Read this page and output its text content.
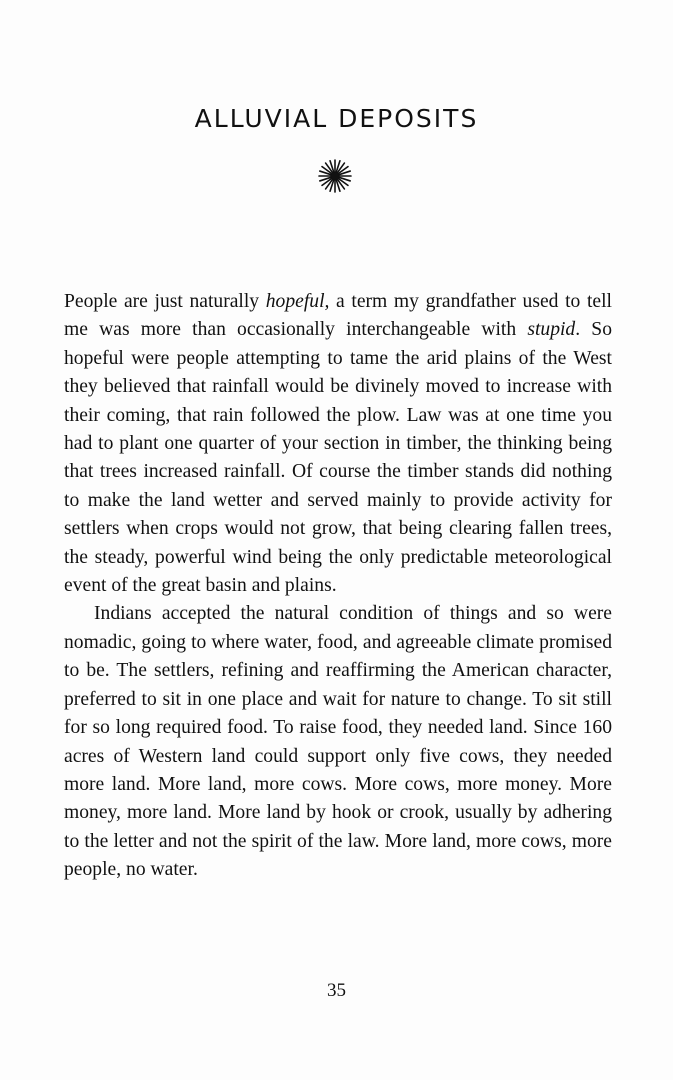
ALLUVIAL DEPOSITS

People are just naturally hopeful, a term my grandfather used to tell me was more than occasionally interchangeable with stupid. So hopeful were people attempting to tame the arid plains of the West they believed that rainfall would be divinely moved to increase with their coming, that rain followed the plow. Law was at one time you had to plant one quarter of your section in timber, the thinking being that trees increased rainfall. Of course the timber stands did nothing to make the land wetter and served mainly to provide activity for settlers when crops would not grow, that being clearing fallen trees, the steady, powerful wind being the only predictable meteorological event of the great basin and plains.

Indians accepted the natural condition of things and so were nomadic, going to where water, food, and agreeable climate promised to be. The settlers, refining and reaffirming the American character, preferred to sit in one place and wait for nature to change. To sit still for so long required food. To raise food, they needed land. Since 160 acres of Western land could support only five cows, they needed more land. More land, more cows. More cows, more money. More money, more land. More land by hook or crook, usually by adhering to the letter and not the spirit of the law. More land, more cows, more people, no water.

35
